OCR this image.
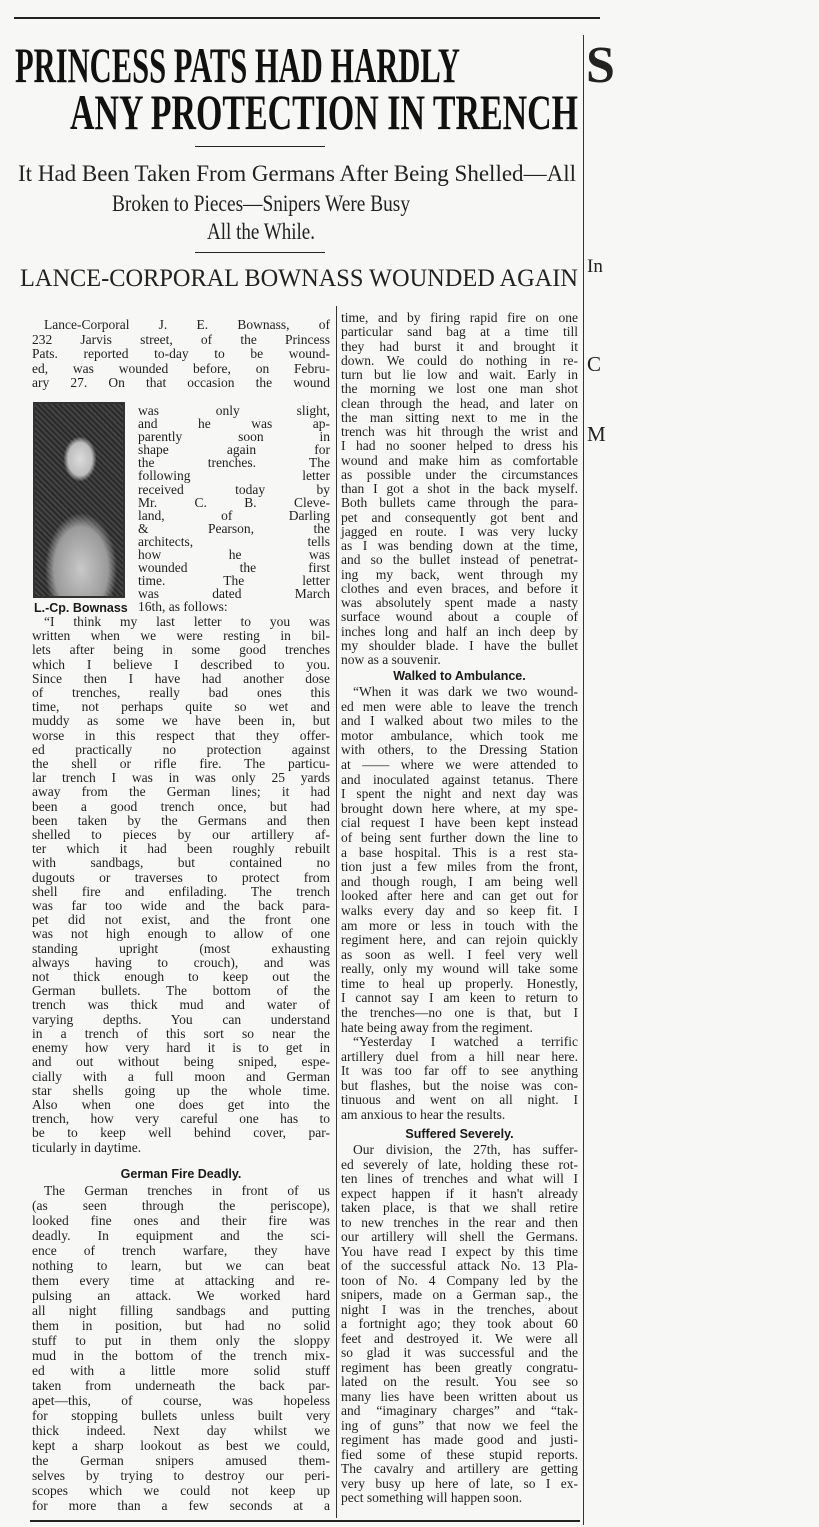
PRINCESS PATS HAD HARDLY
ANY PROTECTION IN TRENCH
It Had Been Taken From Germans After Being Shelled—All
Broken to Pieces—Snipers Were Busy
All the While.
LANCE-CORPORAL BOWNASS WOUNDED AGAIN
Lance-Corporal J. E. Bownass, of
232 Jarvis street, of the Princess
Pats. reported to-day to be wound-
ed, was wounded before, on Febru-
ary 27. On that occasion the wound
was only slight,
and he was ap-
parently soon in
shape again for
the trenches. The
following letter
received today by
Mr. C. B. Cleve-
land, of Darling
& Pearson, the
architects, tells
how he was
wounded the first
time. The letter
was dated March
16th, as follows:
L.-Cp. Bownass
“I think my last letter to you was
written when we were resting in bil-
lets after being in some good trenches
which I believe I described to you.
Since then I have had another dose
of trenches, really bad ones this
time, not perhaps quite so wet and
muddy as some we have been in, but
worse in this respect that they offer-
ed practically no protection against
the shell or rifle fire. The particu-
lar trench I was in was only 25 yards
away from the German lines; it had
been a good trench once, but had
been taken by the Germans and then
shelled to pieces by our artillery af-
ter which it had been roughly rebuilt
with sandbags, but contained no
dugouts or traverses to protect from
shell fire and enfilading. The trench
was far too wide and the back para-
pet did not exist, and the front one
was not high enough to allow of one
standing upright (most exhausting
always having to crouch), and was
not thick enough to keep out the
German bullets. The bottom of the
trench was thick mud and water of
varying depths. You can understand
in a trench of this sort so near the
enemy how very hard it is to get in
and out without being sniped, espe-
cially with a full moon and German
star shells going up the whole time.
Also when one does get into the
trench, how very careful one has to
be to keep well behind cover, par-
ticularly in daytime.
German Fire Deadly.
The German trenches in front of us
(as seen through the periscope),
looked fine ones and their fire was
deadly. In equipment and the sci-
ence of trench warfare, they have
nothing to learn, but we can beat
them every time at attacking and re-
pulsing an attack. We worked hard
all night filling sandbags and putting
them in position, but had no solid
stuff to put in them only the sloppy
mud in the bottom of the trench mix-
ed with a little more solid stuff
taken from underneath the back par-
apet—this, of course, was hopeless
for stopping bullets unless built very
thick indeed. Next day whilst we
kept a sharp lookout as best we could,
the German snipers amused them-
selves by trying to destroy our peri-
scopes which we could not keep up
for more than a few seconds at a
time, and by firing rapid fire on one
particular sand bag at a time till
they had burst it and brought it
down. We could do nothing in re-
turn but lie low and wait. Early in
the morning we lost one man shot
clean through the head, and later on
the man sitting next to me in the
trench was hit through the wrist and
I had no sooner helped to dress his
wound and make him as comfortable
as possible under the circumstances
than I got a shot in the back myself.
Both bullets came through the para-
pet and consequently got bent and
jagged en route. I was very lucky
as I was bending down at the time,
and so the bullet instead of penetrat-
ing my back, went through my
clothes and even braces, and before it
was absolutely spent made a nasty
surface wound about a couple of
inches long and half an inch deep by
my shoulder blade. I have the bullet
now as a souvenir.
Walked to Ambulance.
“When it was dark we two wound-
ed men were able to leave the trench
and I walked about two miles to the
motor ambulance, which took me
with others, to the Dressing Station
at —— where we were attended to
and inoculated against tetanus. There
I spent the night and next day was
brought down here where, at my spe-
cial request I have been kept instead
of being sent further down the line to
a base hospital. This is a rest sta-
tion just a few miles from the front,
and though rough, I am being well
looked after here and can get out for
walks every day and so keep fit. I
am more or less in touch with the
regiment here, and can rejoin quickly
as soon as well. I feel very well
really, only my wound will take some
time to heal up properly. Honestly,
I cannot say I am keen to return to
the trenches—no one is that, but I
hate being away from the regiment.
“Yesterday I watched a terrific
artillery duel from a hill near here.
It was too far off to see anything
but flashes, but the noise was con-
tinuous and went on all night. I
am anxious to hear the results.
Suffered Severely.
Our division, the 27th, has suffer-
ed severely of late, holding these rot-
ten lines of trenches and what will I
expect happen if it hasn't already
taken place, is that we shall retire
to new trenches in the rear and then
our artillery will shell the Germans.
You have read I expect by this time
of the successful attack No. 13 Pla-
toon of No. 4 Company led by the
snipers, made on a German sap., the
night I was in the trenches, about
a fortnight ago; they took about 60
feet and destroyed it. We were all
so glad it was successful and the
regiment has been greatly congratu-
lated on the result. You see so
many lies have been written about us
and “imaginary charges” and “tak-
ing of guns” that now we feel the
regiment has made good and justi-
fied some of these stupid reports.
The cavalry and artillery are getting
very busy up here of late, so I ex-
pect something will happen soon.
S
In
C
M
